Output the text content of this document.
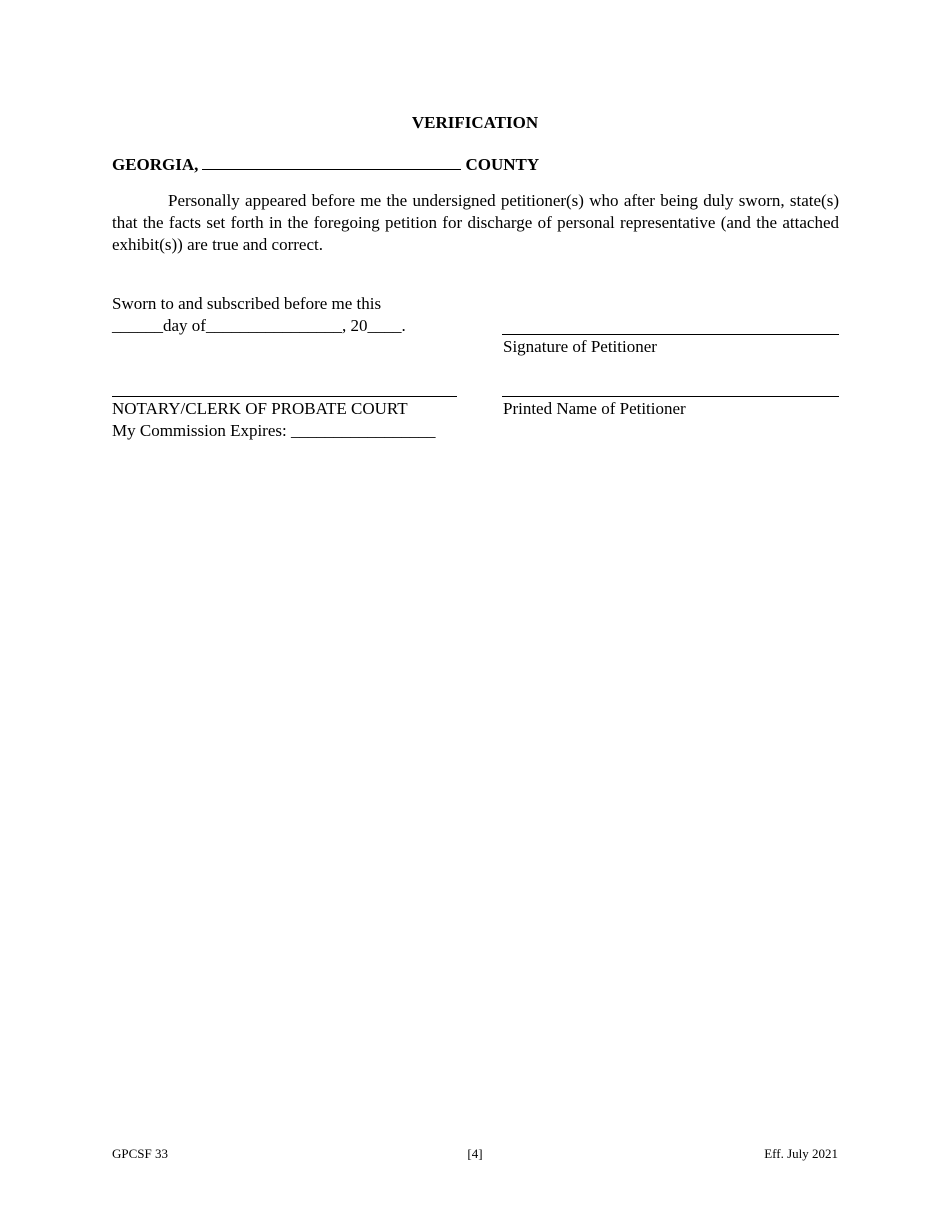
VERIFICATION
GEORGIA,	COUNTY

Personally appeared before me the undersigned petitioner(s) who after being duly sworn, state(s) that the facts set forth in the foregoing petition for discharge of personal representative (and the attached exhibit(s)) are true and correct.

Sworn to and subscribed before me this
______day of________________, 20____.
Signature of Petitioner
NOTARY/CLERK OF PROBATE COURT	Printed Name of Petitioner
My Commission Expires: _________________
GPCSF 33	[4]	Eff. July 2021
